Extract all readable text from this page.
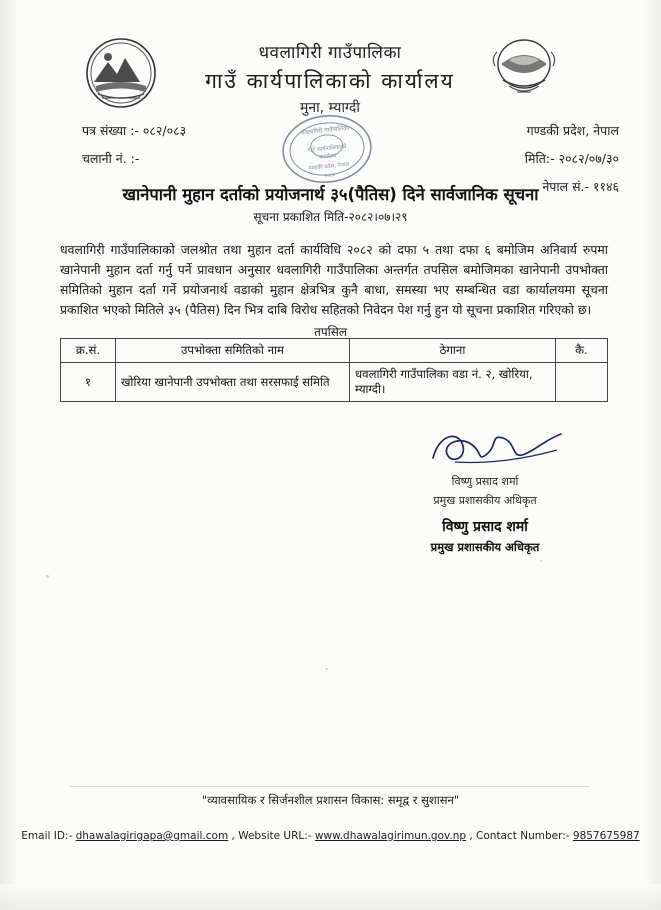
धवलागिरी गाउँपालिका
गाउँ कार्यपालिकाको कार्यालय
मुना, म्याग्दी
धवलागिरी गाउँपालिका
गाउँ कार्यपालिकाको
कार्यालय
गण्डकी प्रदेश, नेपाल
२०८२
पत्र संख्या :- ०८२/०८३
चलानी नं. :-
गण्डकी प्रदेश, नेपाल
मिति:- २०८२/०७/३०
नेपाल सं.- ११४६
खानेपानी मुहान दर्ताको प्रयोजनार्थ ३५(पैतिस) दिने सार्वजानिक सूचना
सूचना प्रकाशित मिति-२०८२।०७।२९
धवलागिरी गाउँपालिकाको जलश्रोत तथा मुहान दर्ता कार्यविधि २०८२ को दफा ५ तथा दफा ६ बमोजिम अनिवार्य रुपमा खानेपानी मुहान दर्ता गर्नु पर्ने प्रावधान अनुसार धवलागिरी गाउँपालिका अन्तर्गत तपसिल बमोजिमका खानेपानी उपभोक्ता समितिको मुहान दर्ता गर्ने प्रयोजनार्थ वडाको मुहान क्षेत्रभित्र कुनै बाधा, समस्या भए सम्बन्धित वडा कार्यालयमा सूचना प्रकाशित भएको मितिले ३५ (पैतिस) दिन भित्र दाबि विरोध सहितको निवेदन पेश गर्नु हुन यो सूचना प्रकाशित गरिएको छ।
तपसिल
क्र.सं.	उपभोक्ता समितिको नाम	ठेगाना	कै.
१	खोरिया खानेपानी उपभोक्ता तथा सरसफाई समिति	धवलागिरी गाउँपालिका वडा नं. २, खोरिया, म्याग्दी।	
विष्णु प्रसाद शर्मा
प्रमुख प्रशासकीय अधिकृत
विष्णु प्रसाद शर्मा
प्रमुख प्रशासकीय अधिकृत
"व्यावसायिक र सिर्जनशील प्रशासन विकास: समृद्व र सुशासन"
Email ID:- dhawalagirigapa@gmail.com , Website URL:- www.dhawalagirimun.gov.np , Contact Number:- 9857675987
